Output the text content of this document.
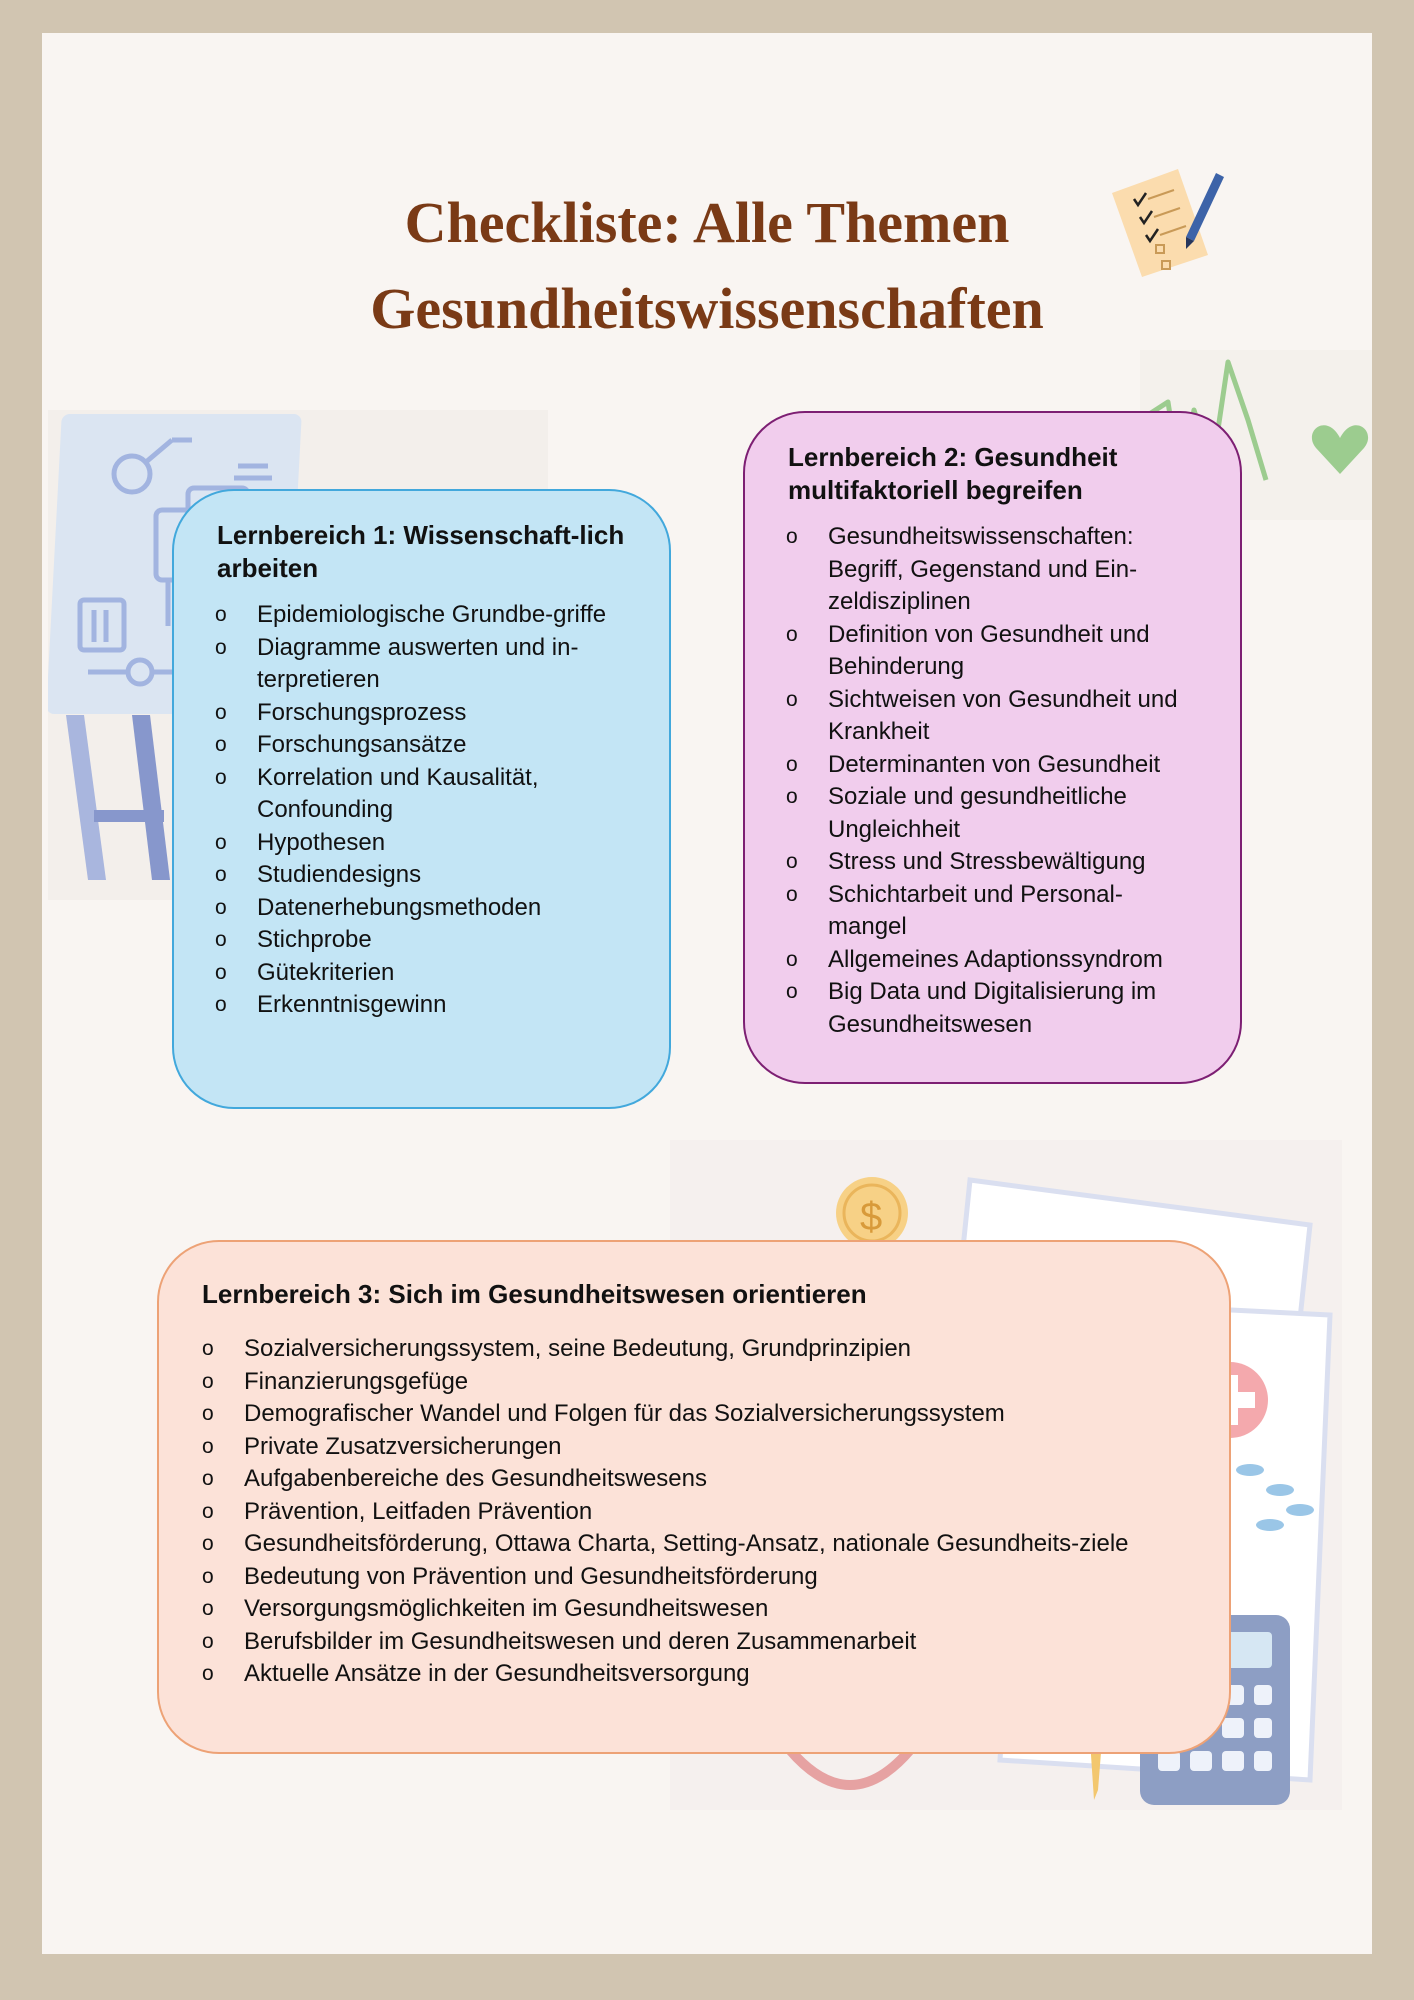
$
Checkliste: Alle Themen
Gesundheitswissenschaften
Lernbereich 1: Wissenschaft-lich arbeiten
o Epidemiologische Grundbe-griffe
o Diagramme auswerten und in-terpretieren
o Forschungsprozess
o Forschungsansätze
o Korrelation und Kausalität, Confounding
o Hypothesen
o Studiendesigns
o Datenerhebungsmethoden
o Stichprobe
o Gütekriterien
o Erkenntnisgewinn
Lernbereich 2: Gesundheit multifaktoriell begreifen
o Gesundheitswissenschaften: Begriff, Gegenstand und Ein-zeldisziplinen
o Definition von Gesundheit und Behinderung
o Sichtweisen von Gesundheit und Krankheit
o Determinanten von Gesundheit
o Soziale und gesundheitliche Ungleichheit
o Stress und Stressbewältigung
o Schichtarbeit und Personal-mangel
o Allgemeines Adaptionssyndrom
o Big Data und Digitalisierung im Gesundheitswesen
Lernbereich 3: Sich im Gesundheitswesen orientieren
o Sozialversicherungssystem, seine Bedeutung, Grundprinzipien
o Finanzierungsgefüge
o Demografischer Wandel und Folgen für das Sozialversicherungssystem
o Private Zusatzversicherungen
o Aufgabenbereiche des Gesundheitswesens
o Prävention, Leitfaden Prävention
o Gesundheitsförderung, Ottawa Charta, Setting-Ansatz, nationale Gesundheits-ziele
o Bedeutung von Prävention und Gesundheitsförderung
o Versorgungsmöglichkeiten im Gesundheitswesen
o Berufsbilder im Gesundheitswesen und deren Zusammenarbeit
o Aktuelle Ansätze in der Gesundheitsversorgung
